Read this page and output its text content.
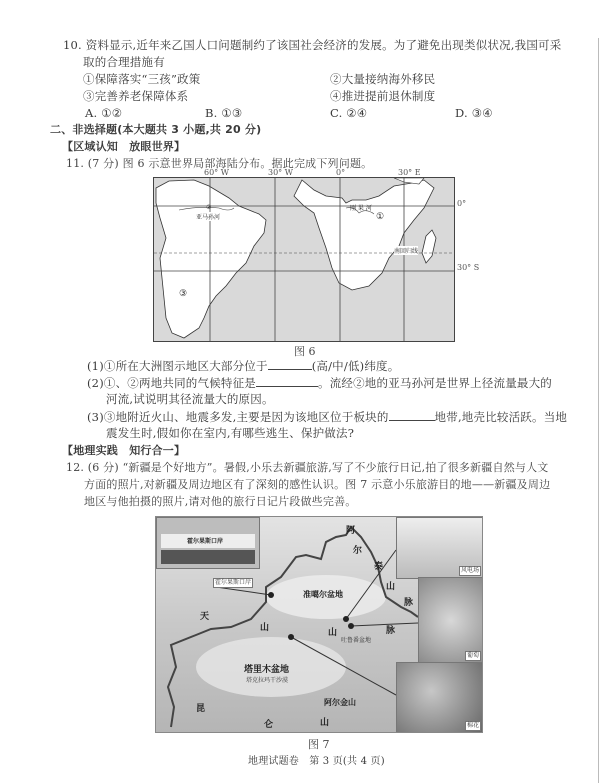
10. 资料显示,近年来乙国人口问题制约了该国社会经济的发展。为了避免出现类似状况,我国可采
取的合理措施有
①保障落实“三孩”政策	②大量接纳海外移民
③完善养老保障体系	④推进提前退休制度
A. ①②	B. ①③	C. ②④	D. ③④
二、非选择题(本大题共 3 小题,共 20 分)
【区域认知　放眼世界】
11. (7 分) 图 6 示意世界局部海陆分布。据此完成下列问题。
60° W	30° W	0°	30° E
0°
30° S
②
亚马孙河
刚 果 河
①
南回归线
③
图 6
(1)①所在大洲图示地区大部分位于	(高/中/低)纬度。
(2)①、②两地共同的气候特征是	。流经②地的亚马孙河是世界上径流量最大的
河流,试说明其径流量大的原因。
(3)③地附近火山、地震多发,主要是因为该地区位于板块的	地带,地壳比较活跃。当地
震发生时,假如你在室内,有哪些逃生、保护做法?
【地理实践　知行合一】
12. (6 分) “新疆是个好地方”。暑假,小乐去新疆旅游,写了不少旅行日记,拍了很多新疆自然与人文
方面的照片,对新疆及周边地区有了深刻的感性认识。图 7 示意小乐旅游目的地——新疆及周边
地区与他拍摄的照片,请对他的旅行日记片段做些完善。
霍尔果斯口岸
霍尔果斯口岸
风电场
葡萄
棉花
阿
尔
泰
山
脉
准噶尔盆地
天
山	山	脉
吐鲁番盆地
塔里木盆地
塔克拉玛干沙漠
阿尔金山
昆
仑	山
图 7
地理试题卷　第 3 页(共 4 页)
